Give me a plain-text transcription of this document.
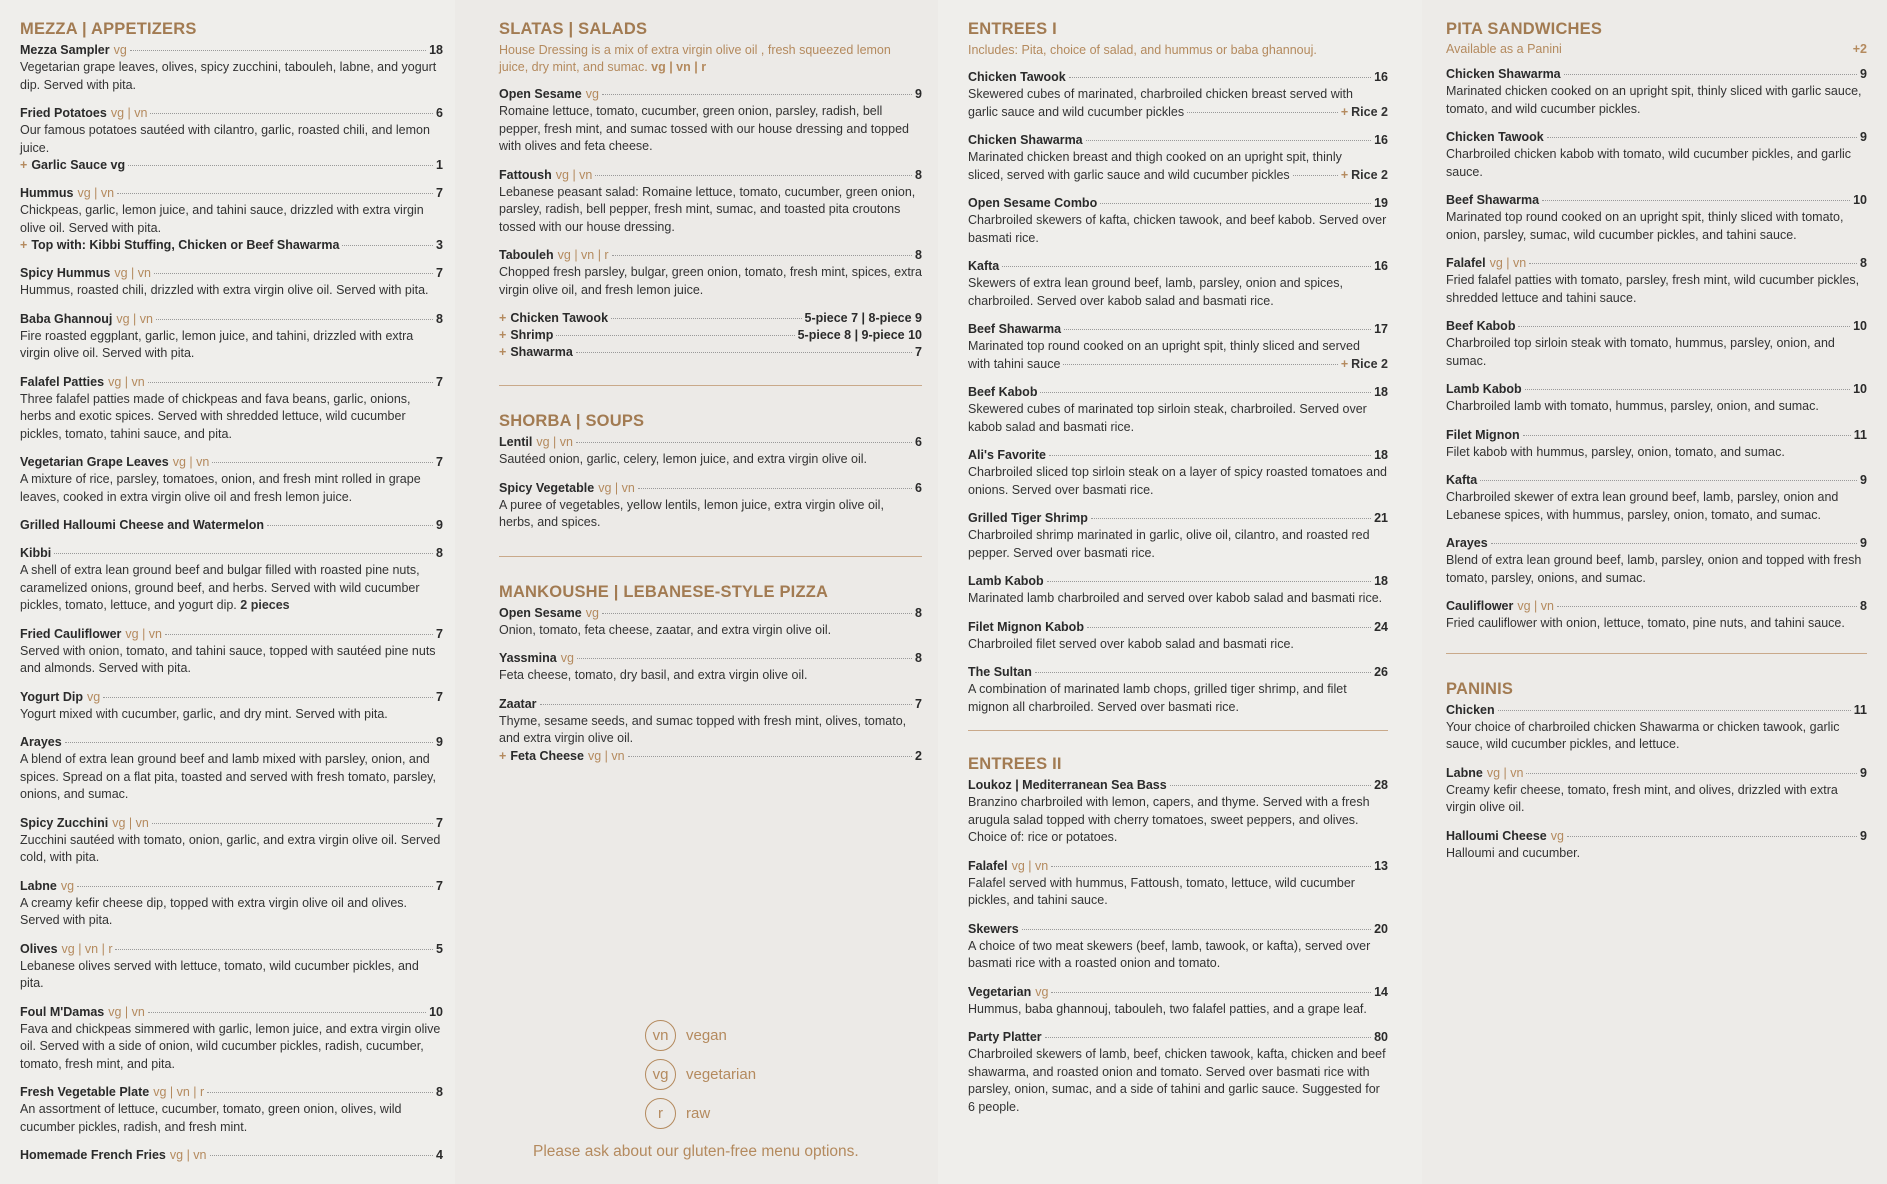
MEZZA | APPETIZERS
Mezza Sampler vg	18
Vegetarian grape leaves, olives, spicy zucchini, tabouleh, labne, and yogurt dip. Served with pita.
Fried Potatoes vg | vn	6
Our famous potatoes sautéed with cilantro, garlic, roasted chili, and lemon juice.
+ Garlic Sauce vg	1
Hummus vg | vn	7
Chickpeas, garlic, lemon juice, and tahini sauce, drizzled with extra virgin olive oil. Served with pita.
+ Top with: Kibbi Stuffing, Chicken or Beef Shawarma	3
Spicy Hummus vg | vn	7
Hummus, roasted chili, drizzled with extra virgin olive oil. Served with pita.
Baba Ghannouj vg | vn	8
Fire roasted eggplant, garlic, lemon juice, and tahini, drizzled with extra virgin olive oil. Served with pita.
Falafel Patties vg | vn	7
Three falafel patties made of chickpeas and fava beans, garlic, onions, herbs and exotic spices. Served with shredded lettuce, wild cucumber pickles, tomato, tahini sauce, and pita.
Vegetarian Grape Leaves vg | vn	7
A mixture of rice, parsley, tomatoes, onion, and fresh mint rolled in grape leaves, cooked in extra virgin olive oil and fresh lemon juice.
Grilled Halloumi Cheese and Watermelon	9
Kibbi	8
A shell of extra lean ground beef and bulgar filled with roasted pine nuts, caramelized onions, ground beef, and herbs. Served with wild cucumber pickles, tomato, lettuce, and yogurt dip. 2 pieces
Fried Cauliflower vg | vn	7
Served with onion, tomato, and tahini sauce, topped with sautéed pine nuts and almonds. Served with pita.
Yogurt Dip vg	7
Yogurt mixed with cucumber, garlic, and dry mint. Served with pita.
Arayes	9
A blend of extra lean ground beef and lamb mixed with parsley, onion, and spices. Spread on a flat pita, toasted and served with fresh tomato, parsley, onions, and sumac.
Spicy Zucchini vg | vn	7
Zucchini sautéed with tomato, onion, garlic, and extra virgin olive oil. Served cold, with pita.
Labne vg	7
A creamy kefir cheese dip, topped with extra virgin olive oil and olives. Served with pita.
Olives vg | vn | r	5
Lebanese olives served with lettuce, tomato, wild cucumber pickles, and pita.
Foul M'Damas vg | vn	10
Fava and chickpeas simmered with garlic, lemon juice, and extra virgin olive oil. Served with a side of onion, wild cucumber pickles, radish, cucumber, tomato, fresh mint, and pita.
Fresh Vegetable Plate vg | vn | r	8
An assortment of lettuce, cucumber, tomato, green onion, olives, wild cucumber pickles, radish, and fresh mint.
Homemade French Fries vg | vn	4
SLATAS | SALADS
House Dressing is a mix of extra virgin olive oil , fresh squeezed lemon juice, dry mint, and sumac. vg | vn | r
Open Sesame vg	9
Romaine lettuce, tomato, cucumber, green onion, parsley, radish, bell pepper, fresh mint, and sumac tossed with our house dressing and topped with olives and feta cheese.
Fattoush vg | vn	8
Lebanese peasant salad: Romaine lettuce, tomato, cucumber, green onion, parsley, radish, bell pepper, fresh mint, sumac, and toasted pita croutons tossed with our house dressing.
Tabouleh vg | vn | r	8
Chopped fresh parsley, bulgar, green onion, tomato, fresh mint, spices, extra virgin olive oil, and fresh lemon juice.
+ Chicken Tawook	5-piece 7 | 8-piece 9
+ Shrimp	5-piece 8 | 9-piece 10
+ Shawarma	7
SHORBA | SOUPS
Lentil vg | vn	6
Sautéed onion, garlic, celery, lemon juice, and extra virgin olive oil.
Spicy Vegetable vg | vn	6
A puree of vegetables, yellow lentils, lemon juice, extra virgin olive oil, herbs, and spices.
MANKOUSHE | LEBANESE-STYLE PIZZA
Open Sesame vg	8
Onion, tomato, feta cheese, zaatar, and extra virgin olive oil.
Yassmina vg	8
Feta cheese, tomato, dry basil, and extra virgin olive oil.
Zaatar	7
Thyme, sesame seeds, and sumac topped with fresh mint, olives, tomato, and extra virgin olive oil.
+ Feta Cheese vg | vn	2
vn	vegan
vg	vegetarian
r	raw
Please ask about our gluten-free menu options.
ENTREES I
Includes: Pita, choice of salad, and hummus or baba ghannouj.
Chicken Tawook	16
Skewered cubes of marinated, charbroiled chicken breast served with
garlic sauce and wild cucumber pickles	+ Rice 2
Chicken Shawarma	16
Marinated chicken breast and thigh cooked on an upright spit, thinly
sliced, served with garlic sauce and wild cucumber pickles	+ Rice 2
Open Sesame Combo	19
Charbroiled skewers of kafta, chicken tawook, and beef kabob. Served over basmati rice.
Kafta	16
Skewers of extra lean ground beef, lamb, parsley, onion and spices, charbroiled. Served over kabob salad and basmati rice.
Beef Shawarma	17
Marinated top round cooked on an upright spit, thinly sliced and served
with tahini sauce	+ Rice 2
Beef Kabob	18
Skewered cubes of marinated top sirloin steak, charbroiled. Served over kabob salad and basmati rice.
Ali's Favorite	18
Charbroiled sliced top sirloin steak on a layer of spicy roasted tomatoes and onions. Served over basmati rice.
Grilled Tiger Shrimp	21
Charbroiled shrimp marinated in garlic, olive oil, cilantro, and roasted red pepper. Served over basmati rice.
Lamb Kabob	18
Marinated lamb charbroiled and served over kabob salad and basmati rice.
Filet Mignon Kabob	24
Charbroiled filet served over kabob salad and basmati rice.
The Sultan	26
A combination of marinated lamb chops, grilled tiger shrimp, and filet mignon all charbroiled. Served over basmati rice.
ENTREES II
Loukoz | Mediterranean Sea Bass	28
Branzino charbroiled with lemon, capers, and thyme. Served with a fresh arugula salad topped with cherry tomatoes, sweet peppers, and olives. Choice of: rice or potatoes.
Falafel vg | vn	13
Falafel served with hummus, Fattoush, tomato, lettuce, wild cucumber pickles, and tahini sauce.
Skewers	20
A choice of two meat skewers (beef, lamb, tawook, or kafta), served over basmati rice with a roasted onion and tomato.
Vegetarian vg	14
Hummus, baba ghannouj, tabouleh, two falafel patties, and a grape leaf.
Party Platter	80
Charbroiled skewers of lamb, beef, chicken tawook, kafta, chicken and beef shawarma, and roasted onion and tomato. Served over basmati rice with parsley, onion, sumac, and a side of tahini and garlic sauce. Suggested for 6 people.
PITA SANDWICHES
Available as a Panini	+2
Chicken Shawarma	9
Marinated chicken cooked on an upright spit, thinly sliced with garlic sauce, tomato, and wild cucumber pickles.
Chicken Tawook	9
Charbroiled chicken kabob with tomato, wild cucumber pickles, and garlic sauce.
Beef Shawarma	10
Marinated top round cooked on an upright spit, thinly sliced with tomato, onion, parsley, sumac, wild cucumber pickles, and tahini sauce.
Falafel vg | vn	8
Fried falafel patties with tomato, parsley, fresh mint, wild cucumber pickles, shredded lettuce and tahini sauce.
Beef Kabob	10
Charbroiled top sirloin steak with tomato, hummus, parsley, onion, and sumac.
Lamb Kabob	10
Charbroiled lamb with tomato, hummus, parsley, onion, and sumac.
Filet Mignon	11
Filet kabob with hummus, parsley, onion, tomato, and sumac.
Kafta	9
Charbroiled skewer of extra lean ground beef, lamb, parsley, onion and Lebanese spices, with hummus, parsley, onion, tomato, and sumac.
Arayes	9
Blend of extra lean ground beef, lamb, parsley, onion and topped with fresh tomato, parsley, onions, and sumac.
Cauliflower vg | vn	8
Fried cauliflower with onion, lettuce, tomato, pine nuts, and tahini sauce.
PANINIS
Chicken	11
Your choice of charbroiled chicken Shawarma or chicken tawook, garlic sauce, wild cucumber pickles, and lettuce.
Labne vg | vn	9
Creamy kefir cheese, tomato, fresh mint, and olives, drizzled with extra virgin olive oil.
Halloumi Cheese vg	9
Halloumi and cucumber.
